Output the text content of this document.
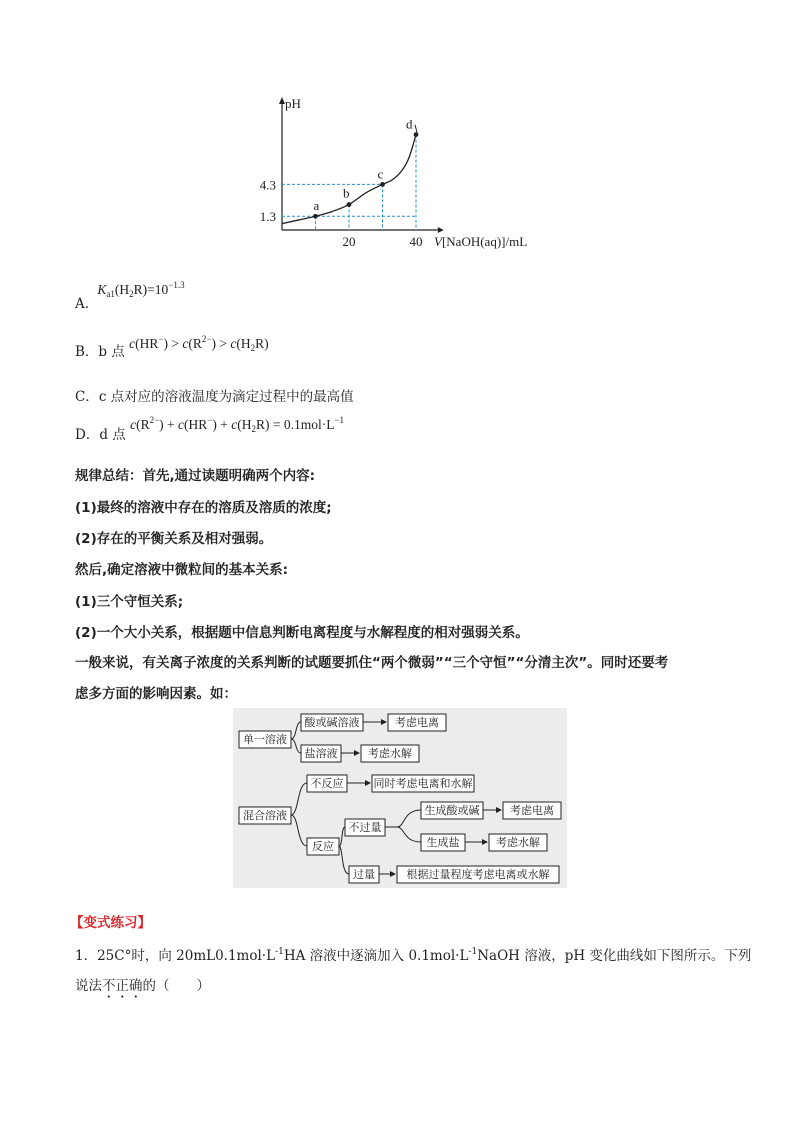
a
b
c
d
1.3
4.3
20	40
pH
V[NaOH(aq)]/mL
A. $K_{a1}(H_2R)=10^{-1.3}$
B．b 点 $c(HR^-) > c(R^{2-}) > c(H_2R)$
C．c 点对应的溶液温度为滴定过程中的最高值
D．d 点 $c(R^{2-}) + c(HR^-) + c(H_2R) = 0.1mol\cdot L^{-1}$
规律总结：首先,通过读题明确两个内容:
(1)最终的溶液中存在的溶质及溶质的浓度;
(2)存在的平衡关系及相对强弱。
然后,确定溶液中微粒间的基本关系:
(1)三个守恒关系;
(2)一个大小关系，根据题中信息判断电离程度与水解程度的相对强弱关系。
一般来说，有关离子浓度的关系判断的试题要抓住“两个微弱”“三个守恒”“分清主次”。同时还要考
虑多方面的影响因素。如：
单一溶液
酸或碱溶液	考虑电离
盐溶液	考虑水解
混合溶液
不反应	同时考虑电离和水解
反应
不过量
生成酸或碱	考虑电离
生成盐	考虑水解
过量	根据过量程度考虑电离或水解
【变式练习】
1．25C°时，向 $20mL0.1mol\cdot L^{-1}HA$ 溶液中逐滴加入 $0.1mol\cdot L^{-1}NaOH$ 溶液，pH 变化曲线如下图所示。下列
说法不正确的（　　）
